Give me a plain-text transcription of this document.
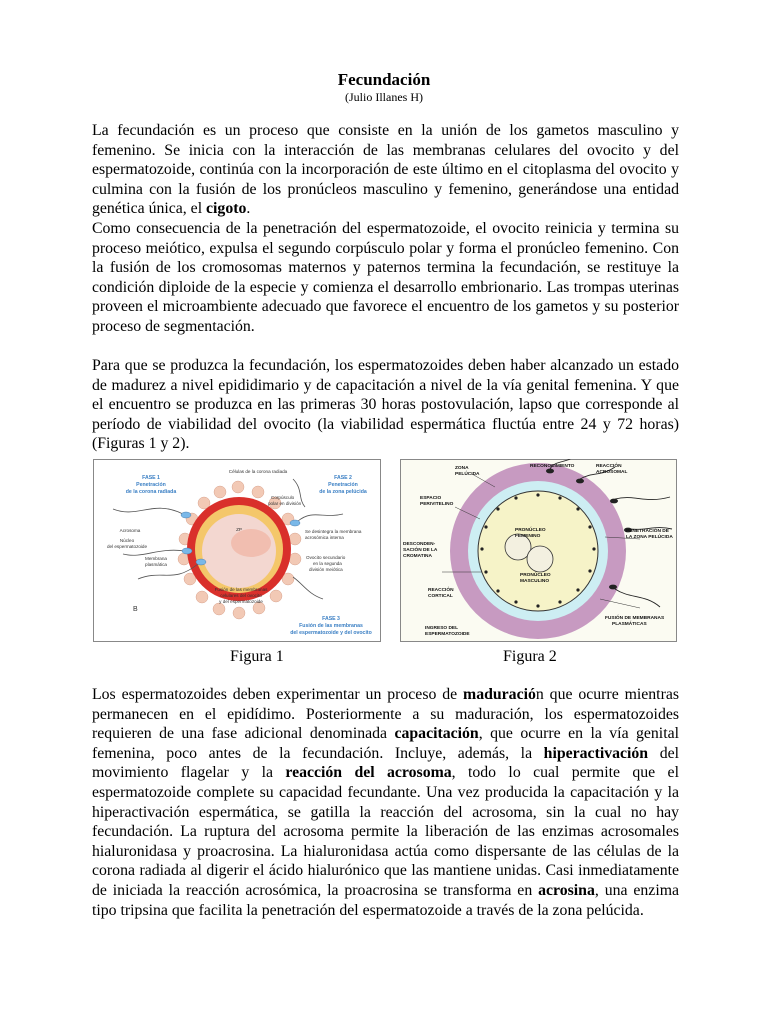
Fecundación
(Julio Illanes H)

La fecundación es un proceso que consiste en la unión de los gametos masculino y femenino. Se inicia con la interacción de las membranas celulares del ovocito y del espermatozoide, continúa con la incorporación de este último en el citoplasma del ovocito y culmina con la fusión de los pronúcleos masculino y femenino, generándose una entidad genética única, el cigoto.

Como consecuencia de la penetración del espermatozoide, el ovocito reinicia y termina su proceso meiótico, expulsa el segundo corpúsculo polar y forma el pronúcleo femenino. Con la fusión de los cromosomas maternos y paternos termina la fecundación, se restituye la condición diploide de la especie y comienza el desarrollo embrionario. Las trompas uterinas proveen el microambiente adecuado que favorece el encuentro de los gametos y su posterior proceso de segmentación.

Para que se produzca la fecundación, los espermatozoides deben haber alcanzado un estado de madurez a nivel epididimario y de capacitación a nivel de la vía genital femenina. Y que el encuentro se produzca en las primeras 30 horas postovulación, lapso que corresponde al período de viabilidad del ovocito (la viabilidad espermática fluctúa entre 24 y 72 horas) (Figuras 1 y 2).

FASE 1
Penetración
de la corona radiada
FASE 2
Penetración
de la zona pelúcida
FASE 3
Fusión de las membranas
del espermatozoide y del ovocito
Células de la corona radiada
Corpúsculo
polar en división
Se desintegra la membrana
acrosómica interna
Ovocito secundario
en la segunda
división meiótica
Fusión de las membranas
celulares del ovocito
y del espermatozoide
Acrosoma
Núcleo
del espermatozoide
Membrana
plasmática
ZP
B
ZONA
PELÚCIDA
RECONOCIMIENTO	REACCIÓN
ACROSOMAL
ESPACIO
PERIVITELINO
PRONÚCLEO
FEMENINO
PRONÚCLEO
MASCULINO
PENETRACIÓN DE
LA ZONA PELÚCIDA
DESCONDEN-
SACIÓN DE LA
CROMATINA
REACCIÓN
CORTICAL
INGRESO DEL
ESPERMATOZOIDE
FUSIÓN DE MEMBRANAS
PLASMÁTICAS
Figura 1	Figura 2

Los espermatozoides deben experimentar un proceso de maduración que ocurre mientras permanecen en el epidídimo. Posteriormente a su maduración, los espermatozoides requieren de una fase adicional denominada capacitación, que ocurre en la vía genital femenina, poco antes de la fecundación. Incluye, además, la hiperactivación del movimiento flagelar y la reacción del acrosoma, todo lo cual permite que el espermatozoide complete su capacidad fecundante. Una vez producida la capacitación y la hiperactivación espermática, se gatilla la reacción del acrosoma, sin la cual no hay fecundación. La ruptura del acrosoma permite la liberación de las enzimas acrosomales hialuronidasa y proacrosina. La hialuronidasa actúa como dispersante de las células de la corona radiada al digerir el ácido hialurónico que las mantiene unidas. Casi inmediatamente de iniciada la reacción acrosómica, la proacrosina se transforma en acrosina, una enzima tipo tripsina que facilita la penetración del espermatozoide a través de la zona pelúcida.
